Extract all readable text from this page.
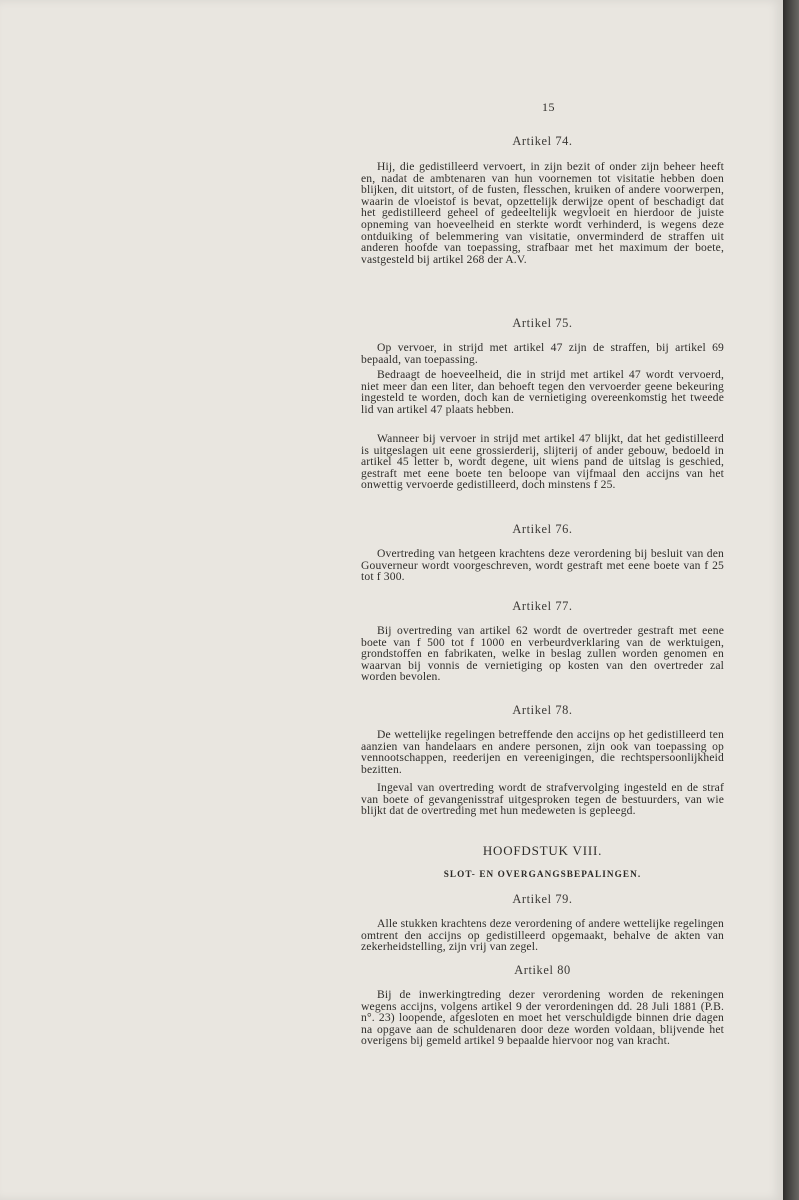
15
Artikel 74.
Hij, die gedistilleerd vervoert, in zijn bezit of onder zijn beheer heeft en, nadat de ambtenaren van hun voornemen tot visitatie hebben doen blijken, dit uitstort, of de fusten, flesschen, kruiken of andere voorwerpen, waarin de vloeistof is bevat, opzettelijk derwijze opent of beschadigt dat het gedistilleerd geheel of gedeeltelijk wegvloeit en hierdoor de juiste opneming van hoeveelheid en sterkte wordt verhinderd, is wegens deze ontduiking of belemmering van visitatie, onverminderd de straffen uit anderen hoofde van toepassing, strafbaar met het maximum der boete, vastgesteld bij artikel 268 der A.V.
Artikel 75.
Op vervoer, in strijd met artikel 47 zijn de straffen, bij artikel 69 bepaald, van toepassing.
Bedraagt de hoeveelheid, die in strijd met artikel 47 wordt vervoerd, niet meer dan een liter, dan behoeft tegen den vervoerder geene bekeuring ingesteld te worden, doch kan de vernietiging overeenkomstig het tweede lid van artikel 47 plaats hebben.
Wanneer bij vervoer in strijd met artikel 47 blijkt, dat het gedistilleerd is uitgeslagen uit eene grossierderij, slijterij of ander gebouw, bedoeld in artikel 45 letter b, wordt degene, uit wiens pand de uitslag is geschied, gestraft met eene boete ten beloope van vijfmaal den accijns van het onwettig vervoerde gedistilleerd, doch minstens f 25.
Artikel 76.
Overtreding van hetgeen krachtens deze verordening bij besluit van den Gouverneur wordt voorgeschreven, wordt gestraft met eene boete van f 25 tot f 300.
Artikel 77.
Bij overtreding van artikel 62 wordt de overtreder gestraft met eene boete van f 500 tot f 1000 en verbeurdverklaring van de werktuigen, grondstoffen en fabrikaten, welke in beslag zullen worden genomen en waarvan bij vonnis de vernietiging op kosten van den overtreder zal worden bevolen.
Artikel 78.
De wettelijke regelingen betreffende den accijns op het gedistilleerd ten aanzien van handelaars en andere personen, zijn ook van toepassing op vennootschappen, reederijen en vereenigingen, die rechtspersoonlijkheid bezitten.
Ingeval van overtreding wordt de strafvervolging ingesteld en de straf van boete of gevangenisstraf uitgesproken tegen de bestuurders, van wie blijkt dat de overtreding met hun medeweten is gepleegd.
HOOFDSTUK VIII.
SLOT- EN OVERGANGSBEPALINGEN.
Artikel 79.
Alle stukken krachtens deze verordening of andere wettelijke regelingen omtrent den accijns op gedistilleerd opgemaakt, behalve de akten van zekerheidstelling, zijn vrij van zegel.
Artikel 80
Bij de inwerkingtreding dezer verordening worden de rekeningen wegens accijns, volgens artikel 9 der verordeningen dd. 28 Juli 1881 (P.B. n°. 23) loopende, afgesloten en moet het verschuldigde binnen drie dagen na opgave aan de schuldenaren door deze worden voldaan, blijvende het overigens bij gemeld artikel 9 bepaalde hiervoor nog van kracht.
